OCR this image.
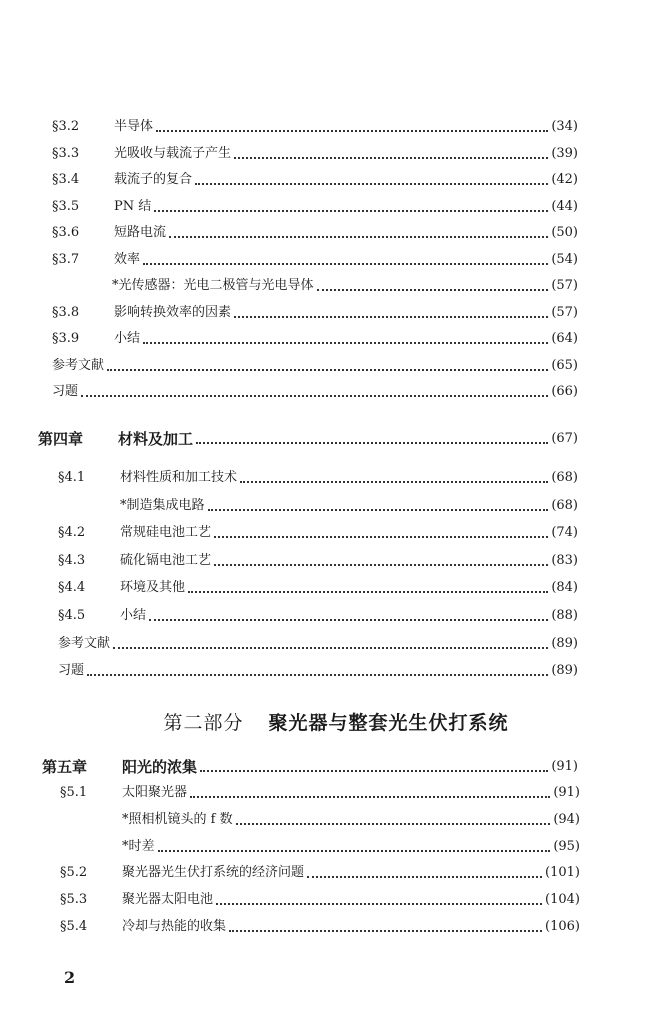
§3.2	半导体	(34)
§3.3	光吸收与载流子产生	(39)
§3.4	载流子的复合	(42)
§3.5	PN 结	(44)
§3.6	短路电流	(50)
§3.7	效率	(54)
*光传感器：光电二极管与光电导体	(57)
§3.8	影响转换效率的因素	(57)
§3.9	小结	(64)
参考文献	(65)
习题	(66)
第四章	材料及加工	(67)
§4.1	材料性质和加工技术	(68)
*制造集成电路	(68)
§4.2	常规硅电池工艺	(74)
§4.3	硫化镉电池工艺	(83)
§4.4	环境及其他	(84)
§4.5	小结	(88)
参考文献	(89)
习题	(89)
第二部分 聚光器与整套光生伏打系统
第五章	阳光的浓集	(91)
§5.1	太阳聚光器	(91)
*照相机镜头的 f 数	(94)
*时差	(95)
§5.2	聚光器光生伏打系统的经济问题	(101)
§5.3	聚光器太阳电池	(104)
§5.4	冷却与热能的收集	(106)
2
